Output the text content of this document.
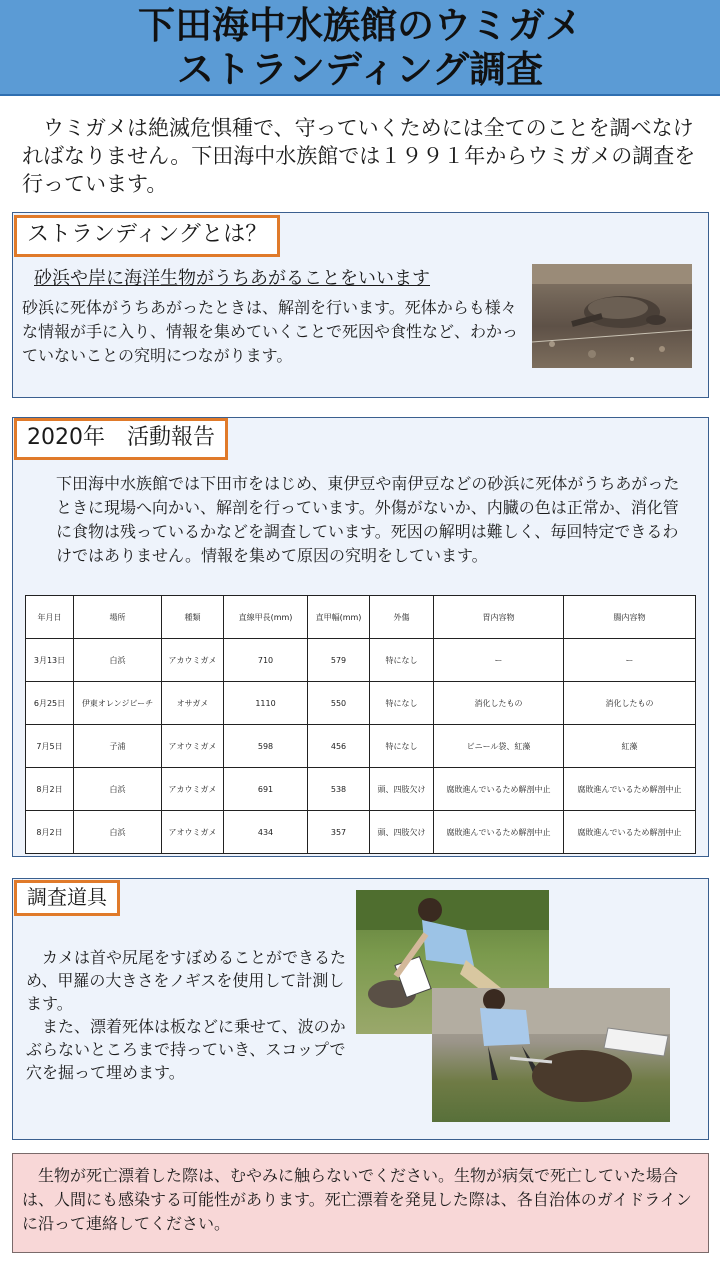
下田海中水族館のウミガメ
ストランディング調査
　ウミガメは絶滅危惧種で、守っていくためには全てのことを調べなければなりません。下田海中水族館では１９９１年からウミガメの調査を行っています。
ストランディングとは？
砂浜や岸に海洋生物がうちあがることをいいます
砂浜に死体がうちあがったときは、解剖を行います。死体からも様々な情報が手に入り、情報を集めていくことで死因や食性など、わかっていないことの究明につながります。
2020年　活動報告
下田海中水族館では下田市をはじめ、東伊豆や南伊豆などの砂浜に死体がうちあがったときに現場へ向かい、解剖を行っています。外傷がないか、内臓の色は正常か、消化管に食物は残っているかなどを調査しています。死因の解明は難しく、毎回特定できるわけではありません。情報を集めて原因の究明をしています。
年月日	場所	種類	直線甲長(mm)	直甲幅(mm)	外傷	胃内容物	腸内容物
3月13日	白浜	アカウミガメ	710	579	特になし	ー	ー
6月25日	伊東オレンジビーチ	オサガメ	1110	550	特になし	消化したもの	消化したもの
7月5日	子浦	アオウミガメ	598	456	特になし	ビニール袋、紅藻	紅藻
8月2日	白浜	アカウミガメ	691	538	頭、四肢欠け	腐敗進んでいるため解剖中止	腐敗進んでいるため解剖中止
8月2日	白浜	アオウミガメ	434	357	頭、四肢欠け	腐敗進んでいるため解剖中止	腐敗進んでいるため解剖中止
調査道具
　カメは首や尻尾をすぼめることができるため、甲羅の大きさをノギスを使用して計測します。
　また、漂着死体は板などに乗せて、波のかぶらないところまで持っていき、スコップで穴を掘って埋めます。
　生物が死亡漂着した際は、むやみに触らないでください。生物が病気で死亡していた場合は、人間にも感染する可能性があります。死亡漂着を発見した際は、各自治体のガイドラインに沿って連絡してください。
